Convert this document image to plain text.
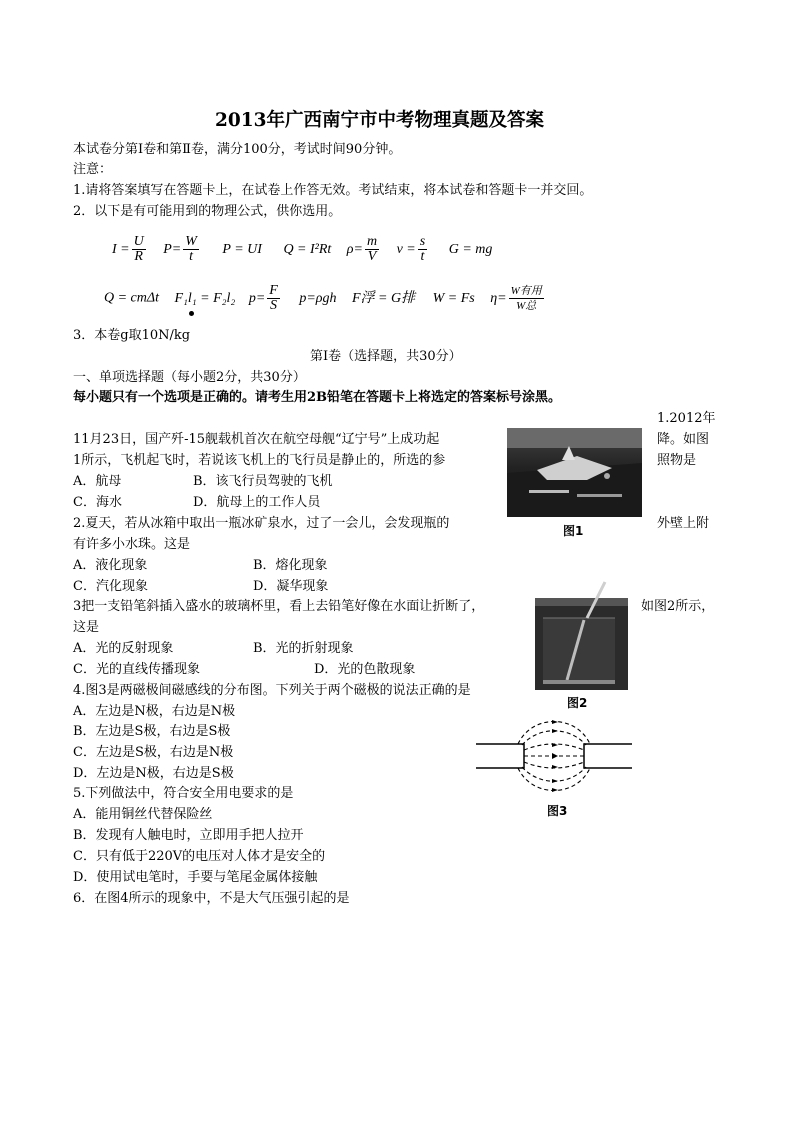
2013年广西南宁市中考物理真题及答案
本试卷分第Ⅰ卷和第Ⅱ卷，满分100分，考试时间90分钟。
注意：
1.请将答案填写在答题卡上，在试卷上作答无效。考试结束，将本试卷和答题卡一并交回。
2．以下是有可能用到的物理公式，供你选用。
$I = \frac{U}{R} P= \frac{W}{t}$ P = UI Q = I²Rt $\rho= \frac{m}{V}$ $v = \frac{s}{t}$ G = mg
Q = cmΔt F₁l₁ = F₂l₂ $p= \frac{F}{S} p=\rho gh$ F浮 = G排 W = Fs $\eta= \frac{\text{W有用}}{\text{W总}}$
3．本卷g取10N/kg
第Ⅰ卷（选择题，共30分）
一、单项选择题（每小题2分，共30分）
每小题只有一个选项是正确的。请考生用2B铅笔在答题卡上将选定的答案标号涂黑。
1.2012年
11月23日，国产歼-15舰载机首次在航空母舰“辽宁号”上成功起	降。如图
1所示，飞机起飞时，若说该飞机上的飞行员是静止的，所选的参	照物是
A．航母	B．该飞行员驾驶的飞机
C．海水	D．航母上的工作人员
图1
2.夏天，若从冰箱中取出一瓶冰矿泉水，过了一会儿，会发现瓶的	外壁上附
有许多小水珠。这是
A．液化现象	B．熔化现象
C．汽化现象	D．凝华现象
3把一支铅笔斜插入盛水的玻璃杯里，看上去铅笔好像在水面让折断了，	如图2所示，
这是
A．光的反射现象	B．光的折射现象
C．光的直线传播现象	D．光的色散现象
图2
4.图3是两磁极间磁感线的分布图。下列关于两个磁极的说法正确的是
A．左边是N极，右边是N极
B．左边是S极，右边是S极
C．左边是S极，右边是N极
D．左边是N极，右边是S极
图3
5.下列做法中，符合安全用电要求的是
A．能用铜丝代替保险丝
B．发现有人触电时，立即用手把人拉开
C．只有低于220V的电压对人体才是安全的
D．使用试电笔时，手要与笔尾金属体接触
6．在图4所示的现象中，不是大气压强引起的是
